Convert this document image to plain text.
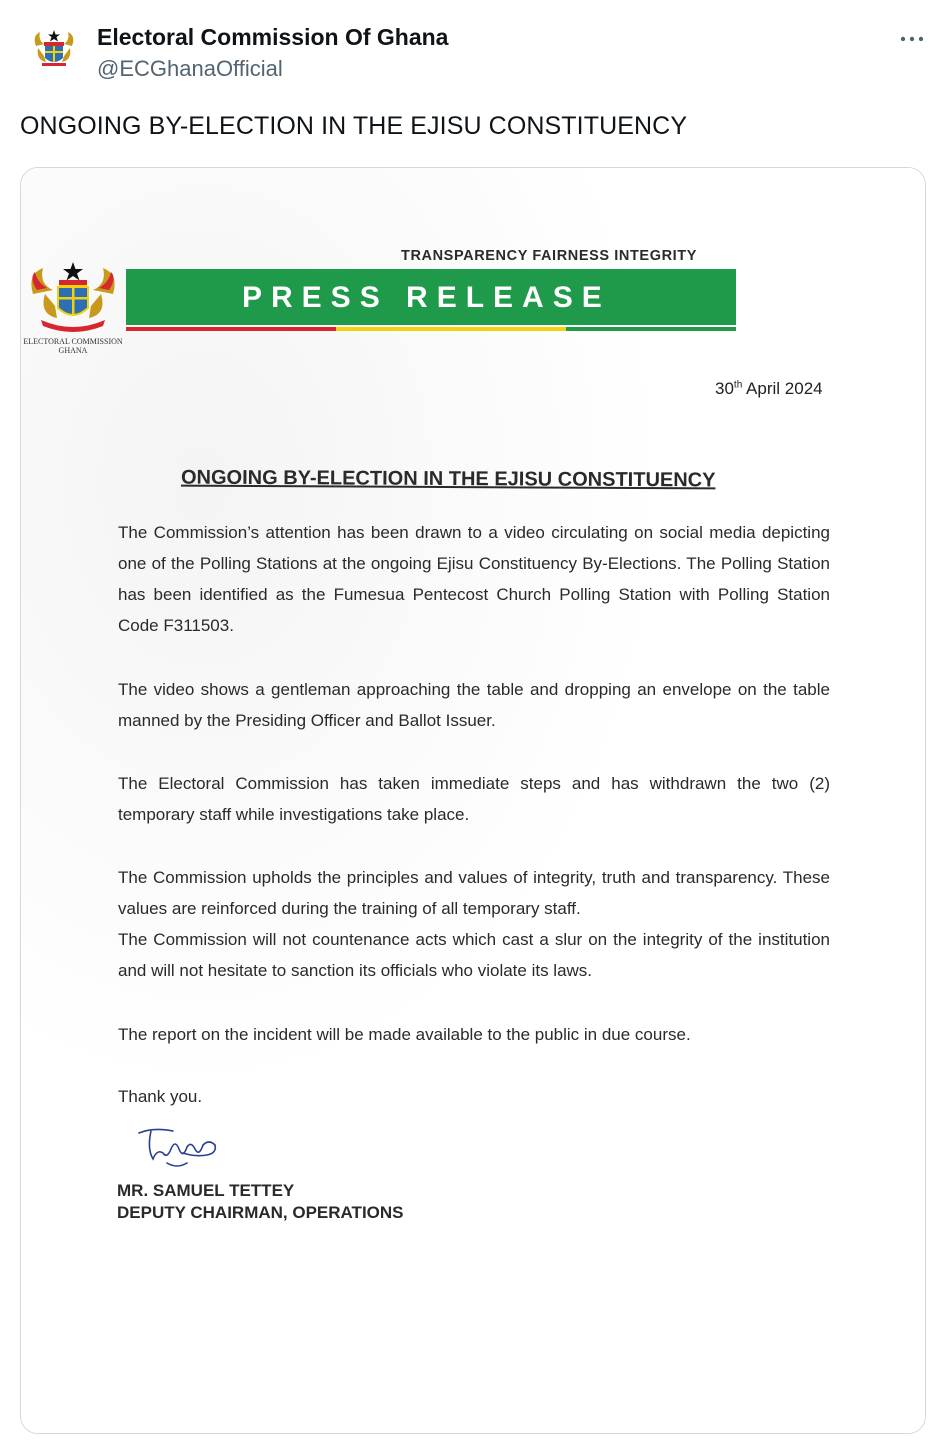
Electoral Commission Of Ghana
@ECGhanaOfficial
ONGOING BY-ELECTION IN THE EJISU CONSTITUENCY
ELECTORAL COMMISSION
GHANA
TRANSPARENCY FAIRNESS INTEGRITY
PRESS RELEASE
30th April 2024
ONGOING BY-ELECTION IN THE EJISU CONSTITUENCY
The Commission’s attention has been drawn to a video circulating on social media depicting one of the Polling Stations at the ongoing Ejisu Constituency By-Elections. The Polling Station has been identified as the Fumesua Pentecost Church Polling Station with Polling Station Code F311503.
The video shows a gentleman approaching the table and dropping an envelope on the table manned by the Presiding Officer and Ballot Issuer.
The Electoral Commission has taken immediate steps and has withdrawn the two (2) temporary staff while investigations take place.
The Commission upholds the principles and values of integrity, truth and transparency. These values are reinforced during the training of all temporary staff.
The Commission will not countenance acts which cast a slur on the integrity of the institution and will not hesitate to sanction its officials who violate its laws.
The report on the incident will be made available to the public in due course.
Thank you.
MR. SAMUEL TETTEY
DEPUTY CHAIRMAN, OPERATIONS
